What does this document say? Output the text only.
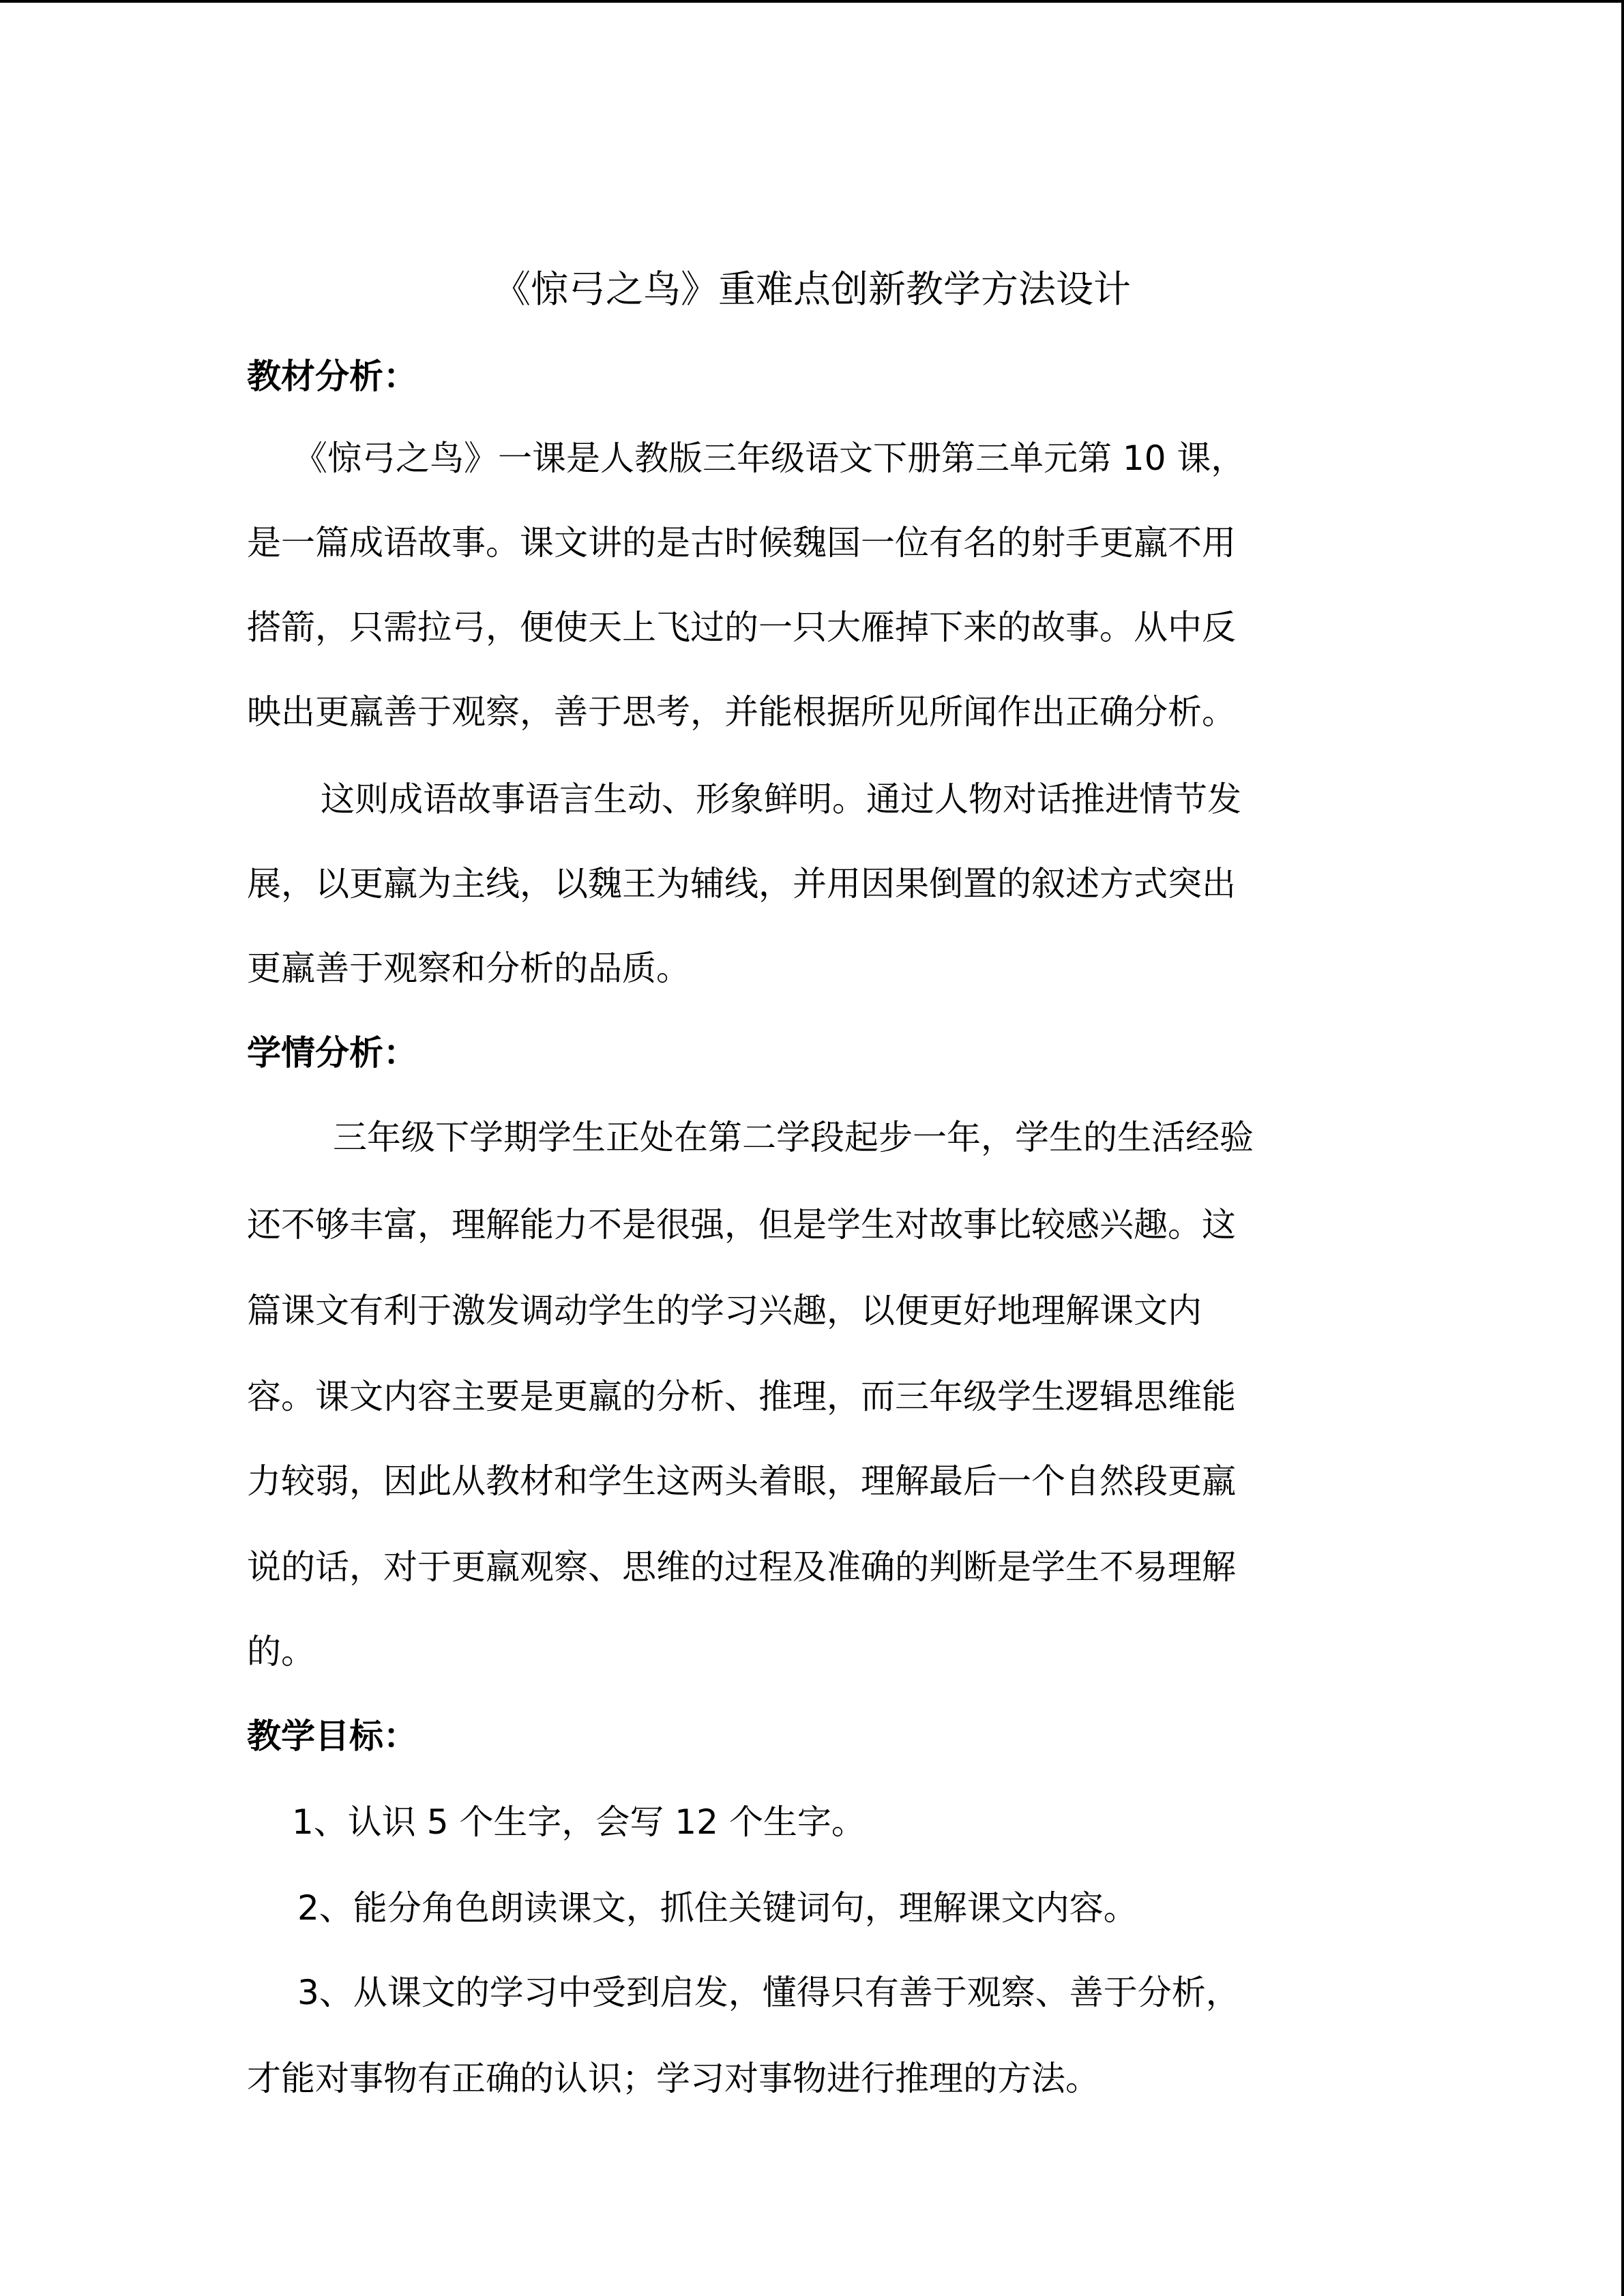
《惊弓之鸟》重难点创新教学方法设计
教材分析：

《惊弓之鸟》一课是人教版三年级语文下册第三单元第 10 课，

是一篇成语故事。课文讲的是古时候魏国一位有名的射手更羸不用

搭箭，只需拉弓，便使天上飞过的一只大雁掉下来的故事。从中反

映出更羸善于观察，善于思考，并能根据所见所闻作出正确分析。

这则成语故事语言生动、形象鲜明。通过人物对话推进情节发

展，以更羸为主线，以魏王为辅线，并用因果倒置的叙述方式突出

更羸善于观察和分析的品质。

学情分析：

三年级下学期学生正处在第二学段起步一年，学生的生活经验

还不够丰富，理解能力不是很强，但是学生对故事比较感兴趣。这

篇课文有利于激发调动学生的学习兴趣，以便更好地理解课文内

容。课文内容主要是更羸的分析、推理，而三年级学生逻辑思维能

力较弱，因此从教材和学生这两头着眼，理解最后一个自然段更羸

说的话，对于更羸观察、思维的过程及准确的判断是学生不易理解

的。

教学目标：

1、认识 5 个生字，会写 12 个生字。

2、能分角色朗读课文，抓住关键词句，理解课文内容。

3、从课文的学习中受到启发，懂得只有善于观察、善于分析，

才能对事物有正确的认识；学习对事物进行推理的方法。
